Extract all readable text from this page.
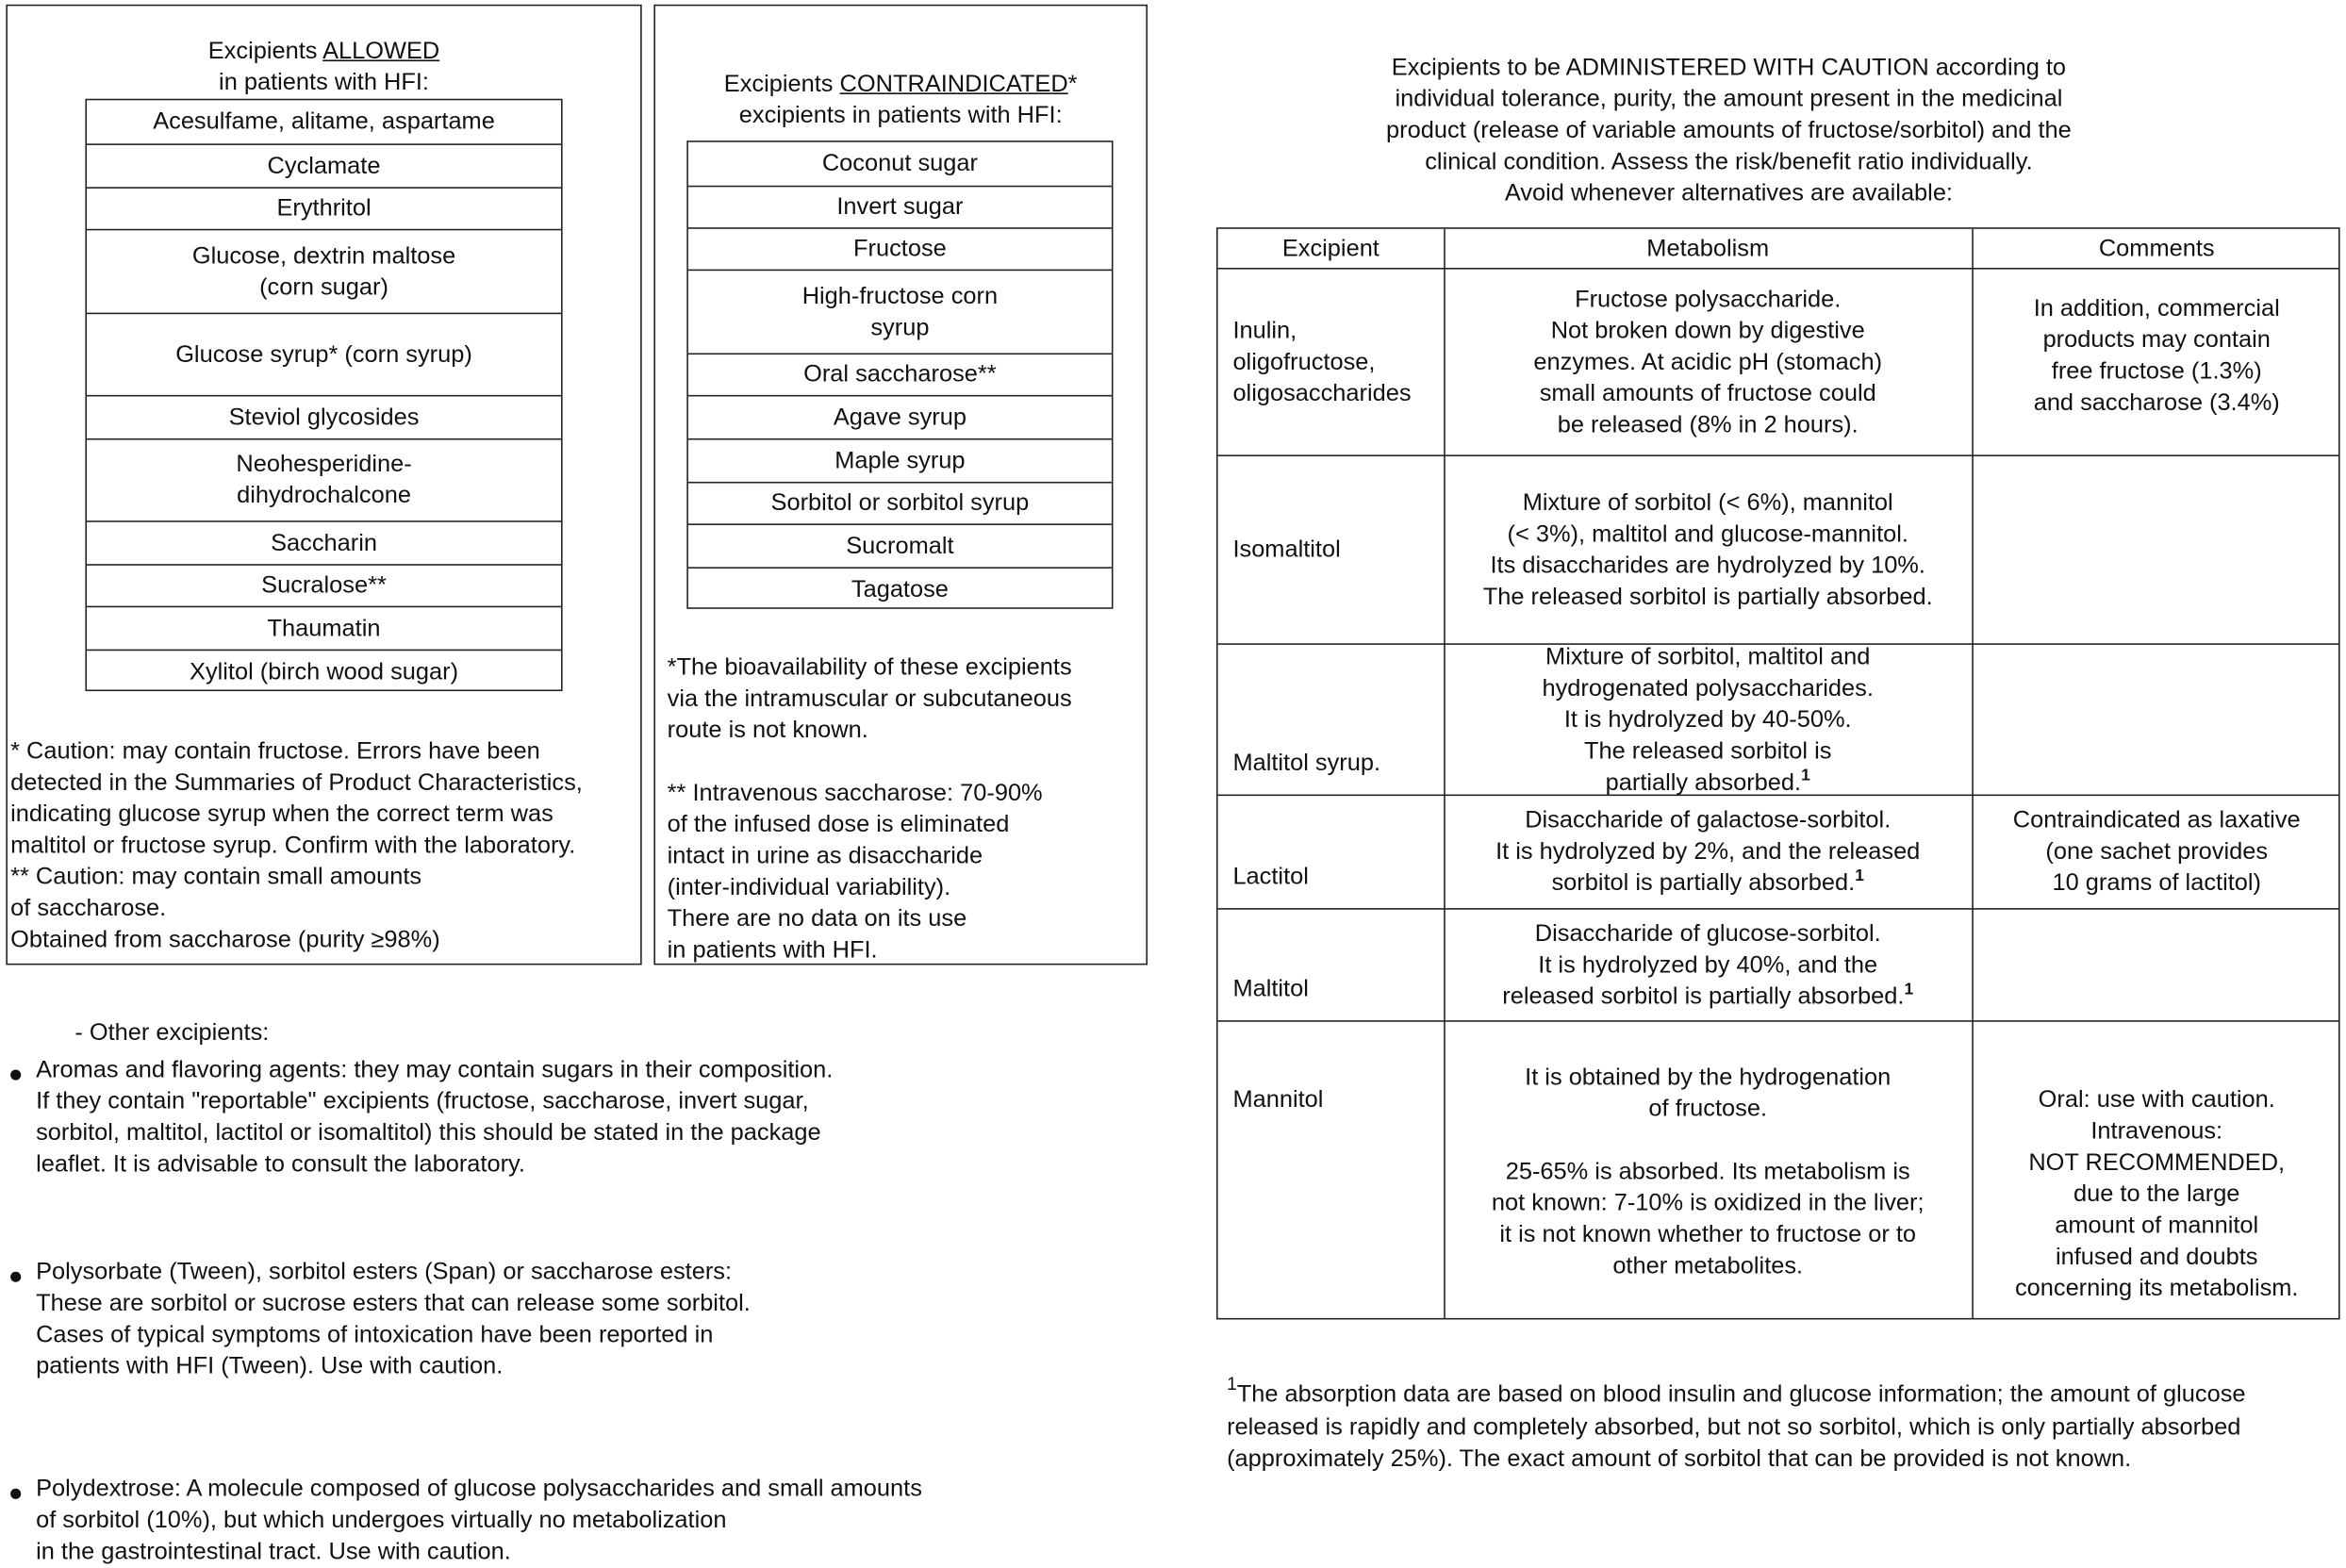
Excipients ALLOWED
in patients with HFI:
Acesulfame, alitame, aspartame
Cyclamate
Erythritol
Glucose, dextrin maltose
(corn sugar)
Glucose syrup* (corn syrup)
Steviol glycosides
Neohesperidine-
dihydrochalcone
Saccharin
Sucralose**
Thaumatin
Xylitol (birch wood sugar)
* Caution: may contain fructose. Errors have been
detected in the Summaries of Product Characteristics,
indicating glucose syrup when the correct term was
maltitol or fructose syrup. Confirm with the laboratory.
** Caution: may contain small amounts
of saccharose.
Obtained from saccharose (purity ≥98%)
Excipients CONTRAINDICATED*
excipients in patients with HFI:
Coconut sugar
Invert sugar
Fructose
High-fructose corn
syrup
Oral saccharose**
Agave syrup
Maple syrup
Sorbitol or sorbitol syrup
Sucromalt
Tagatose
*The bioavailability of these excipients
via the intramuscular or subcutaneous
route is not known.
** Intravenous saccharose: 70-90%
of the infused dose is eliminated
intact in urine as disaccharide
(inter-individual variability).
There are no data on its use
in patients with HFI.
Excipients to be ADMINISTERED WITH CAUTION according to
individual tolerance, purity, the amount present in the medicinal
product (release of variable amounts of fructose/sorbitol) and the
clinical condition. Assess the risk/benefit ratio individually.
Avoid whenever alternatives are available:
Excipient	Metabolism	Comments
Inulin,
oligofructose,
oligosaccharides
Fructose polysaccharide.
Not broken down by digestive
enzymes. At acidic pH (stomach)
small amounts of fructose could
be released (8% in 2 hours).
In addition, commercial
products may contain
free fructose (1.3%)
and saccharose (3.4%)
Isomaltitol
Mixture of sorbitol (< 6%), mannitol
(< 3%), maltitol and glucose-mannitol.
Its disaccharides are hydrolyzed by 10%.
The released sorbitol is partially absorbed.
Maltitol syrup.
Mixture of sorbitol, maltitol and
hydrogenated polysaccharides.
It is hydrolyzed by 40-50%.
The released sorbitol is
partially absorbed.$^1$
Lactitol
Disaccharide of galactose-sorbitol.
It is hydrolyzed by 2%, and the released
sorbitol is partially absorbed.$^1$
Contraindicated as laxative
(one sachet provides
10 grams of lactitol)
Maltitol
Disaccharide of glucose-sorbitol.
It is hydrolyzed by 40%, and the
released sorbitol is partially absorbed.$^1$
Mannitol
It is obtained by the hydrogenation
of fructose.
25-65% is absorbed. Its metabolism is
not known: 7-10% is oxidized in the liver;
it is not known whether to fructose or to
other metabolites.
Oral: use with caution.
Intravenous:
NOT RECOMMENDED,
due to the large
amount of mannitol
infused and doubts
concerning its metabolism.
$^1$The absorption data are based on blood insulin and glucose information; the amount of glucose
released is rapidly and completely absorbed, but not so sorbitol, which is only partially absorbed
(approximately 25%). The exact amount of sorbitol that can be provided is not known.
- Other excipients:
Aromas and flavoring agents: they may contain sugars in their composition.
If they contain "reportable" excipients (fructose, saccharose, invert sugar,
sorbitol, maltitol, lactitol or isomaltitol) this should be stated in the package
leaflet. It is advisable to consult the laboratory.
Polysorbate (Tween), sorbitol esters (Span) or saccharose esters:
These are sorbitol or sucrose esters that can release some sorbitol.
Cases of typical symptoms of intoxication have been reported in
patients with HFI (Tween). Use with caution.
Polydextrose: A molecule composed of glucose polysaccharides and small amounts
of sorbitol (10%), but which undergoes virtually no metabolization
in the gastrointestinal tract. Use with caution.
